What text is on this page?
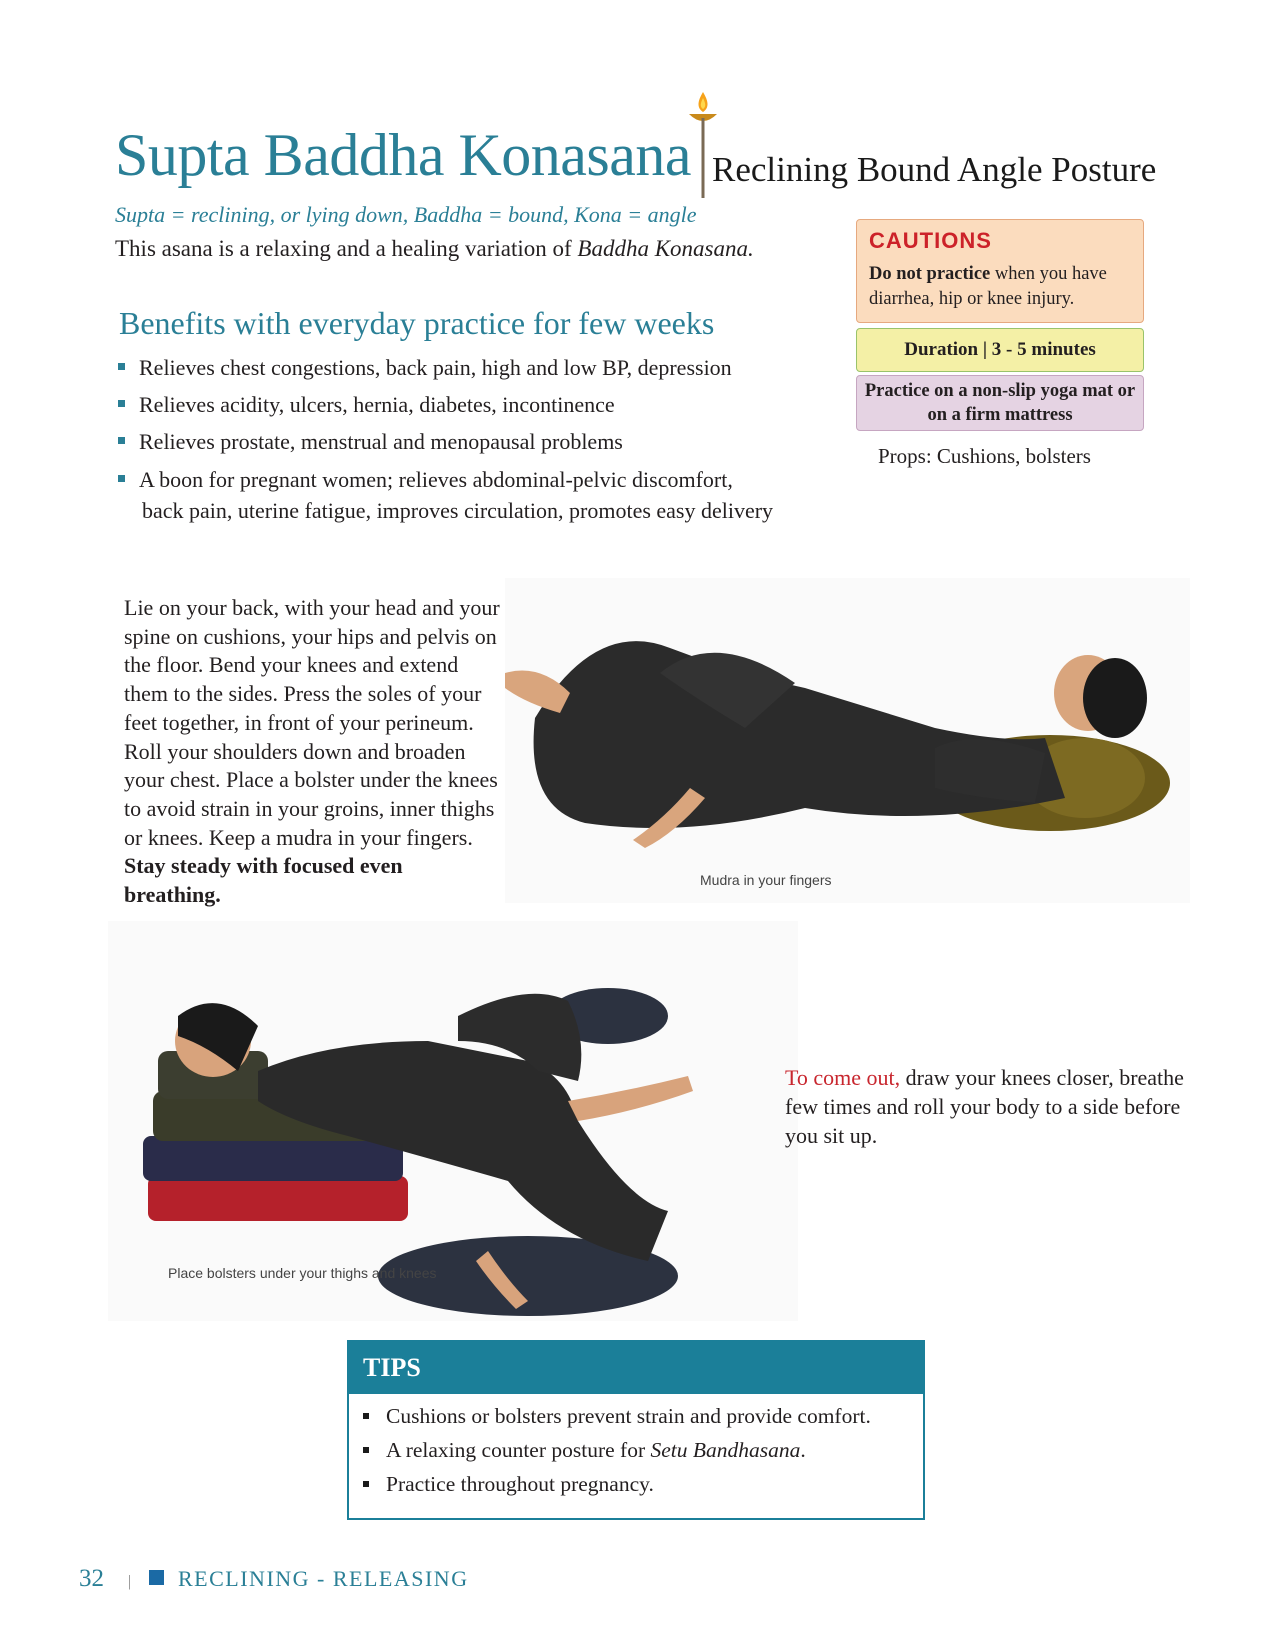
Supta Baddha Konasana Reclining Bound Angle Posture
Supta = reclining, or lying down, Baddha = bound, Kona = angle
This asana is a relaxing and a healing variation of Baddha Konasana.
Benefits with everyday practice for few weeks
Relieves chest congestions, back pain, high and low BP, depression
Relieves acidity, ulcers, hernia, diabetes, incontinence
Relieves prostate, menstrual and menopausal problems
A boon for pregnant women; relieves abdominal-pelvic discomfort,
back pain, uterine fatigue, improves circulation, promotes easy delivery
CAUTIONS
Do not practice when you have diarrhea, hip or knee injury.
Duration | 3 - 5 minutes
Practice on a non-slip yoga mat or on a firm mattress
Props: Cushions, bolsters
Lie on your back, with your head and your spine on cushions, your hips and pelvis on the floor. Bend your knees and extend them to the sides. Press the soles of your feet together, in front of your perineum. Roll your shoulders down and broaden your chest. Place a bolster under the knees to avoid strain in your groins, inner thighs or knees. Keep a mudra in your fingers. Stay steady with focused even breathing.
Mudra in your fingers
Place bolsters under your thighs and knees
To come out, draw your knees closer, breathe few times and roll your body to a side before you sit up.
TIPS
Cushions or bolsters prevent strain and provide comfort.
A relaxing counter posture for Setu Bandhasana.
Practice throughout pregnancy.
32 | RECLINING - RELEASING
